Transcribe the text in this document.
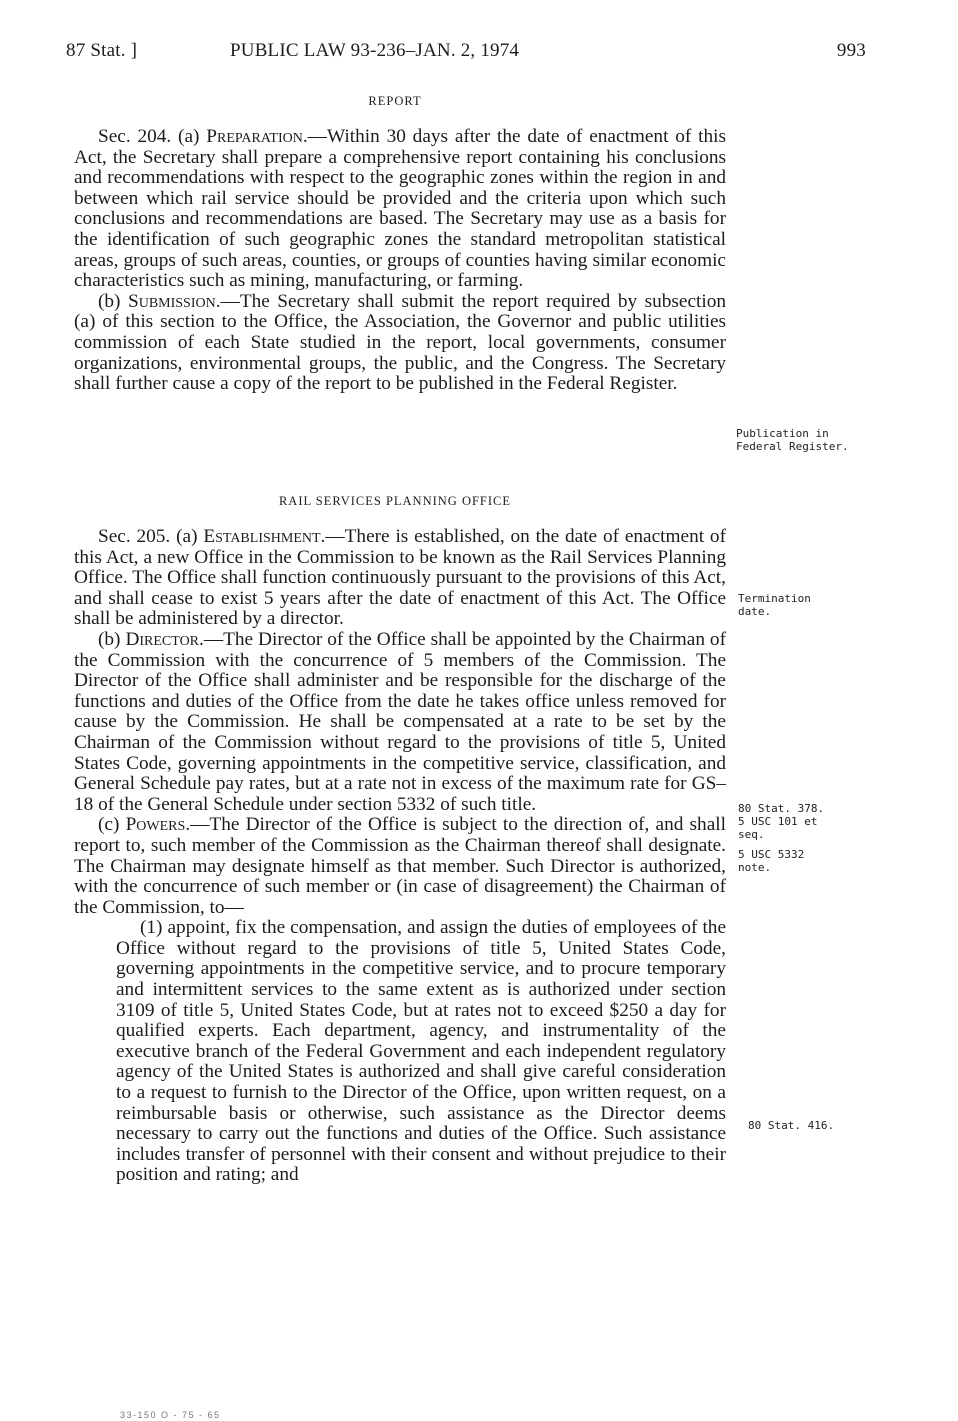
87 Stat. ]	PUBLIC LAW 93-236–JAN. 2, 1974	993
REPORT

Sec. 204. (a) Preparation.—Within 30 days after the date of enactment of this Act, the Secretary shall prepare a comprehensive report containing his conclusions and recommendations with respect to the geographic zones within the region in and between which rail service should be provided and the criteria upon which such conclusions and recommendations are based. The Secretary may use as a basis for the identification of such geographic zones the standard metropolitan statistical areas, groups of such areas, counties, or groups of counties having similar economic characteristics such as mining, manufacturing, or farming.

(b) Submission.—The Secretary shall submit the report required by subsection (a) of this section to the Office, the Association, the Governor and public utilities commission of each State studied in the report, local governments, consumer organizations, environmental groups, the public, and the Congress. The Secretary shall further cause a copy of the report to be published in the Federal Register.

RAIL SERVICES PLANNING OFFICE

Sec. 205. (a) Establishment.—There is established, on the date of enactment of this Act, a new Office in the Commission to be known as the Rail Services Planning Office. The Office shall function continuously pursuant to the provisions of this Act, and shall cease to exist 5 years after the date of enactment of this Act. The Office shall be administered by a director.

(b) Director.—The Director of the Office shall be appointed by the Chairman of the Commission with the concurrence of 5 members of the Commission. The Director of the Office shall administer and be responsible for the discharge of the functions and duties of the Office from the date he takes office unless removed for cause by the Commission. He shall be compensated at a rate to be set by the Chairman of the Commission without regard to the provisions of title 5, United States Code, governing appointments in the competitive service, classification, and General Schedule pay rates, but at a rate not in excess of the maximum rate for GS–18 of the General Schedule under section 5332 of such title.

(c) Powers.—The Director of the Office is subject to the direction of, and shall report to, such member of the Commission as the Chairman thereof shall designate. The Chairman may designate himself as that member. Such Director is authorized, with the concurrence of such member or (in case of disagreement) the Chairman of the Commission, to—

(1) appoint, fix the compensation, and assign the duties of employees of the Office without regard to the provisions of title 5, United States Code, governing appointments in the competitive service, and to procure temporary and intermittent services to the same extent as is authorized under section 3109 of title 5, United States Code, but at rates not to exceed $250 a day for qualified experts. Each department, agency, and instrumentality of the executive branch of the Federal Government and each independent regulatory agency of the United States is authorized and shall give careful consideration to a request to furnish to the Director of the Office, upon written request, on a reimbursable basis or otherwise, such assistance as the Director deems necessary to carry out the functions and duties of the Office. Such assistance includes transfer of personnel with their consent and without prejudice to their position and rating; and

Publication in
Federal Register.
Termination
date.
80 Stat. 378.
5 USC 101 et
seq.
5 USC 5332
note.
80 Stat. 416.
33-150 O - 75 - 65
